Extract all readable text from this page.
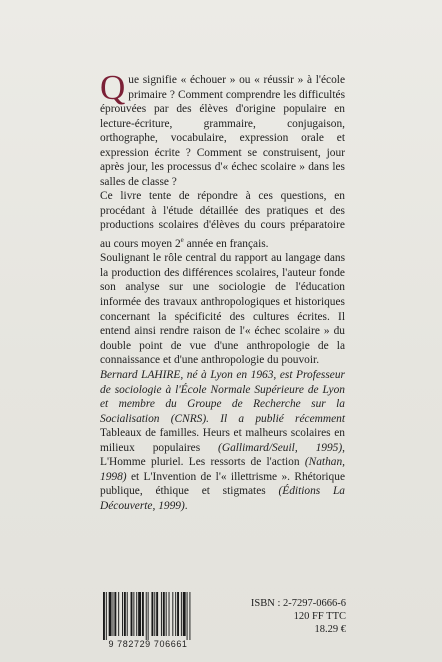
Que signifie « échouer » ou « réussir » à l'école primaire ? Comment comprendre les difficultés éprouvées par des élèves d'origine populaire en lecture-écriture, grammaire, conjugaison, orthographe, vocabulaire, expression orale et expression écrite ? Comment se construisent, jour après jour, les processus d'« échec scolaire » dans les salles de classe ?

Ce livre tente de répondre à ces questions, en procédant à l'étude détaillée des pratiques et des productions scolaires d'élèves du cours préparatoire au cours moyen 2e année en français.

Soulignant le rôle central du rapport au langage dans la production des différences scolaires, l'auteur fonde son analyse sur une sociologie de l'éducation informée des travaux anthropologiques et historiques concernant la spécificité des cultures écrites. Il entend ainsi rendre raison de l'« échec scolaire » du double point de vue d'une anthropologie de la connaissance et d'une anthropologie du pouvoir.

Bernard LAHIRE, né à Lyon en 1963, est Professeur de sociologie à l'École Normale Supérieure de Lyon et membre du Groupe de Recherche sur la Socialisation (CNRS). Il a publié récemment Tableaux de familles. Heurs et malheurs scolaires en milieux populaires (Gallimard/Seuil, 1995), L'Homme pluriel. Les ressorts de l'action (Nathan, 1998) et L'Invention de l'« illettrisme ». Rhétorique publique, éthique et stigmates (Éditions La Découverte, 1999).
9 782729 706661
ISBN : 2-7297-0666-6
120 FF TTC
18.29 €
